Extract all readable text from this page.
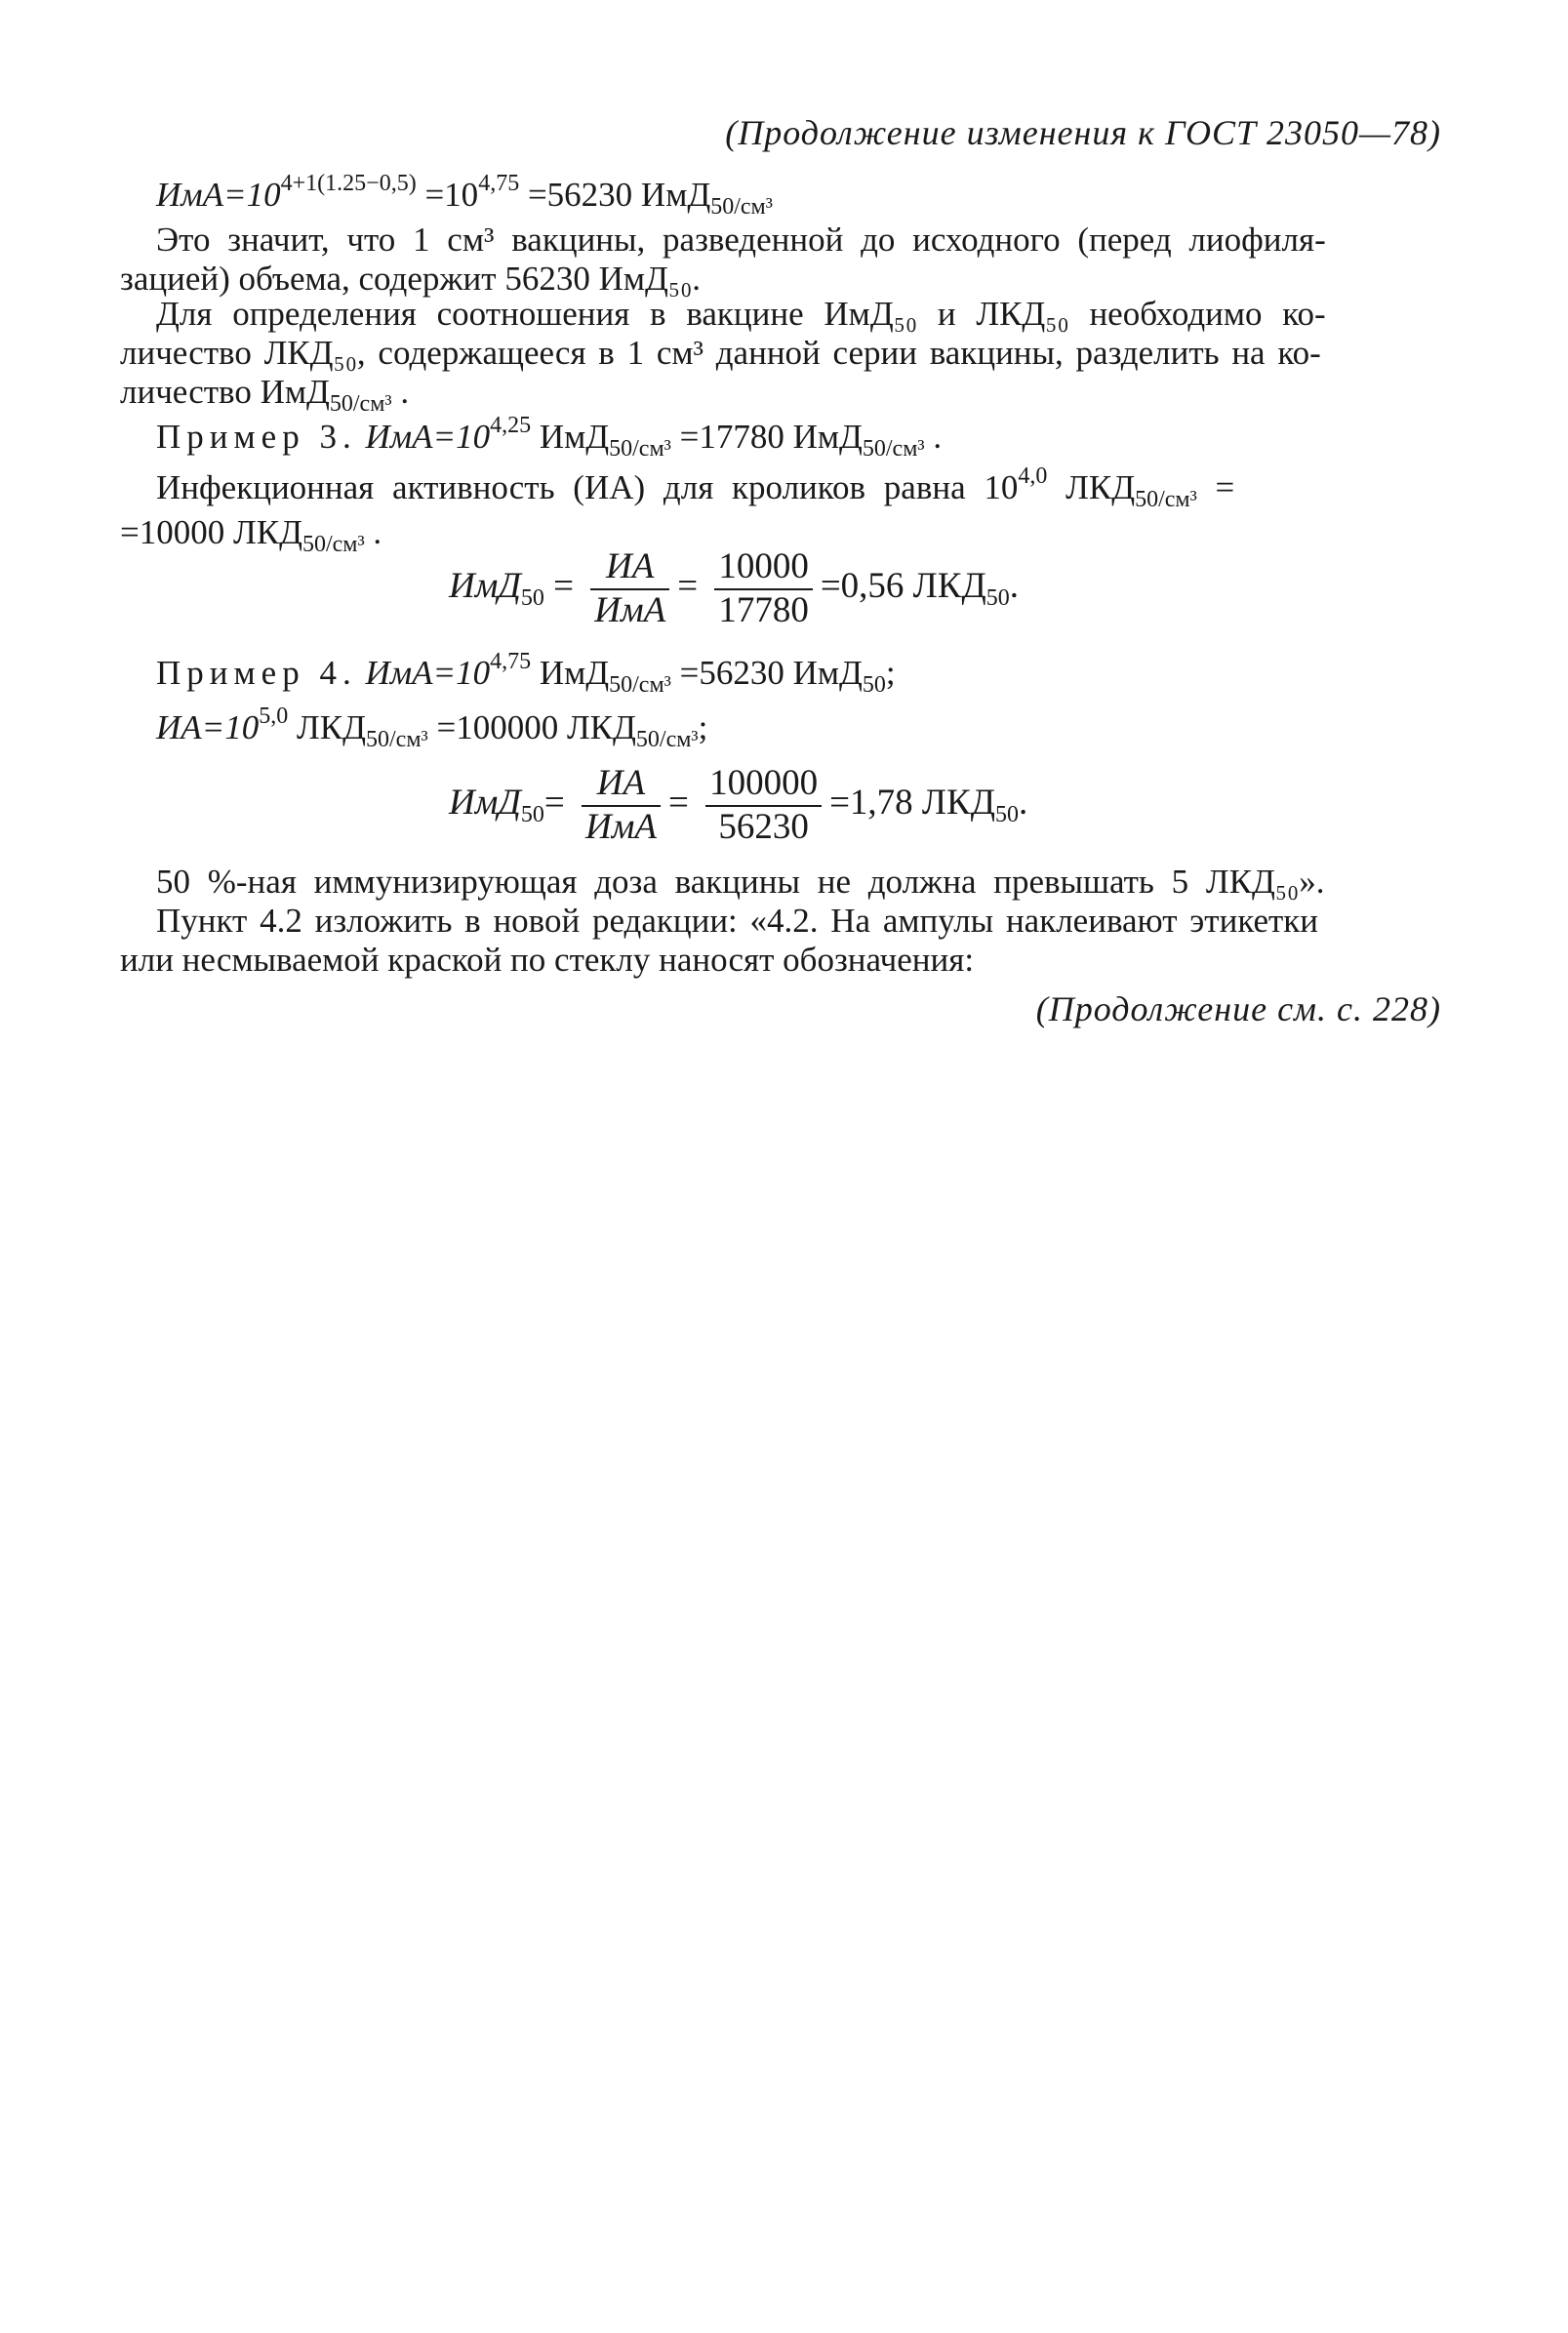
(Продолжение изменения к ГОСТ 23050—78)
$ИмА=10^{4+1(1.25-0,5)} =10^{4,75} =56230$ ИмД$_{50/см^3}$
Это значит, что 1 см³ вакцины, разведенной до исходного (перед лиофиля-
зацией) объема, содержит 56230 ИмД₅₀.
Для определения соотношения в вакцине ИмД₅₀ и ЛКД₅₀ необходимо ко-
личество ЛКД₅₀, содержащееся в 1 см³ данной серии вакцины, разделить на ко-
личество ИмД$_{50/см^3}$ .
Пример 3. $ИмА=10^{4,25}$ ИмД$_{50/см^3}$ =17780 ИмД$_{50/см^3}$ .
Инфекционная активность (ИА) для кроликов равна 10$^{4,0}$ $ЛКД_{50/см^3}$ =
=10000 $ЛКД_{50/см^3}$ .
$ИмД_{50} = \frac{ИА}{\text{ИмА}} = \frac{10000}{17780} =0,56$ $ЛКД_{50}$.
Пример 4. $ИмА=10^{4,75}$ ИмД$_{50/см^3}$ =56230 ИмД$_{50}$;
$ИА=10^{5,0}$ $ЛКД_{50/см^3} =100000$ $ЛКД_{50/см^3}$;
$ИмД_{50}= \frac{ИА}{\text{ИмА}} = \frac{100000}{56230} =1,78$ $ЛКД_{50}$.
50 %-ная иммунизирующая доза вакцины не должна превышать 5 ЛКД₅₀».
Пункт 4.2 изложить в новой редакции: «4.2. На ампулы наклеивают этикетки
или несмываемой краской по стеклу наносят обозначения:
(Продолжение см. с. 228)
